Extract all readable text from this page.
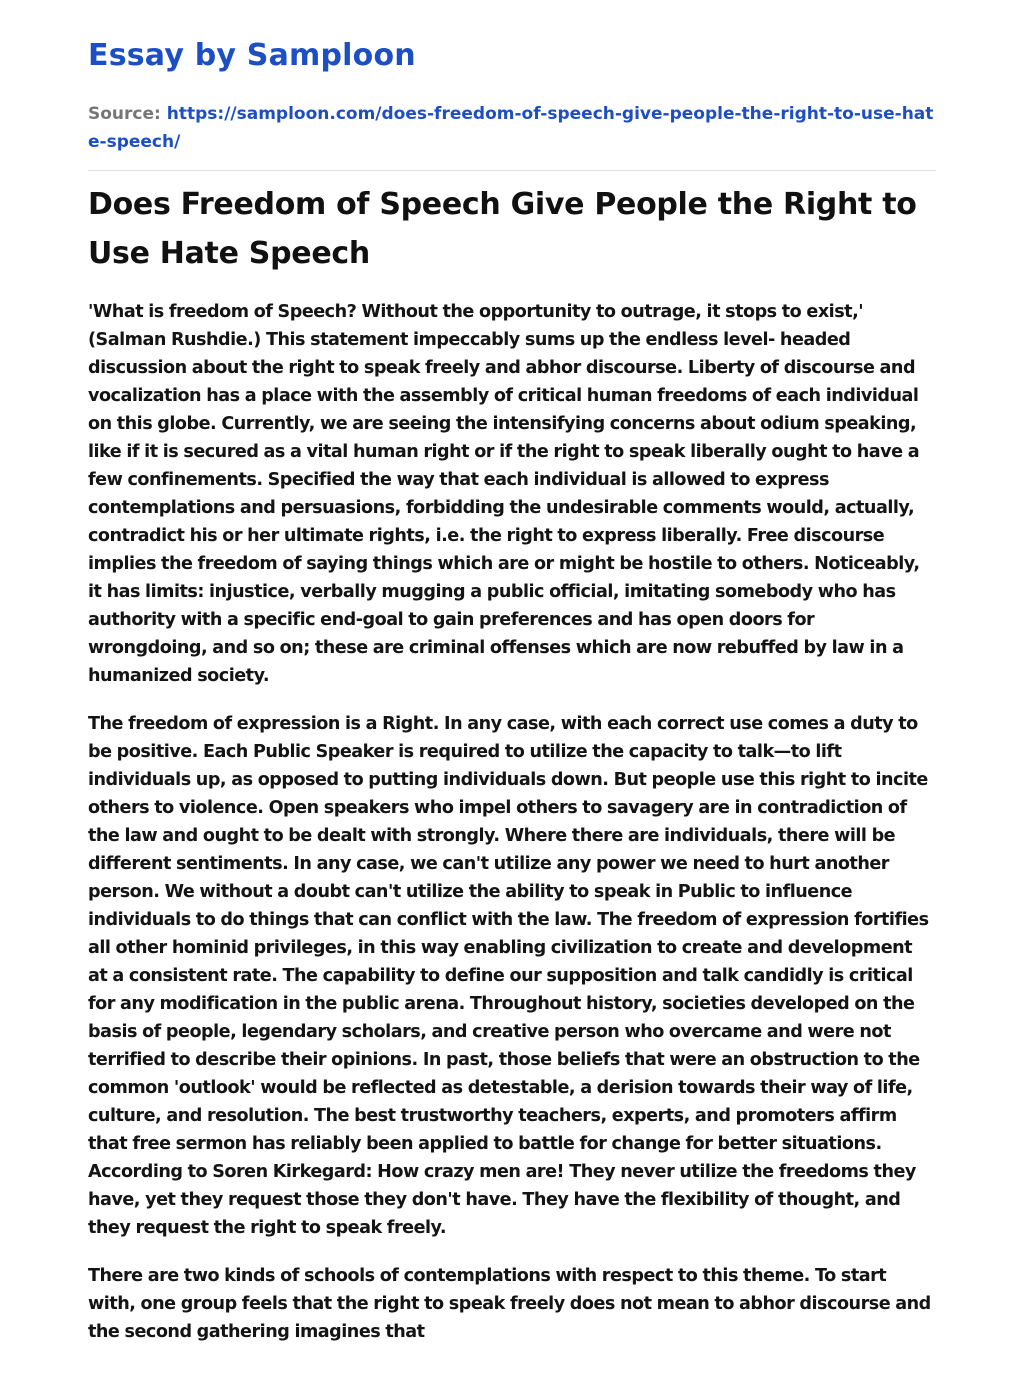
Essay by Samploon
Source: https://samploon.com/does-freedom-of-speech-give-people-the-right-to-use-hate-speech/
Does Freedom of Speech Give People the Right to Use Hate Speech

'What is freedom of Speech? Without the opportunity to outrage, it stops to exist,' (Salman Rushdie.) This statement impeccably sums up the endless level- headed discussion about the right to speak freely and abhor discourse. Liberty of discourse and vocalization has a place with the assembly of critical human freedoms of each individual on this globe. Currently, we are seeing the intensifying concerns about odium speaking, like if it is secured as a vital human right or if the right to speak liberally ought to have a few confinements. Specified the way that each individual is allowed to express contemplations and persuasions, forbidding the undesirable comments would, actually, contradict his or her ultimate rights, i.e. the right to express liberally. Free discourse implies the freedom of saying things which are or might be hostile to others. Noticeably, it has limits: injustice, verbally mugging a public official, imitating somebody who has authority with a specific end-goal to gain preferences and has open doors for wrongdoing, and so on; these are criminal offenses which are now rebuffed by law in a humanized society.

The freedom of expression is a Right. In any case, with each correct use comes a duty to be positive. Each Public Speaker is required to utilize the capacity to talk—to lift individuals up, as opposed to putting individuals down. But people use this right to incite others to violence. Open speakers who impel others to savagery are in contradiction of the law and ought to be dealt with strongly. Where there are individuals, there will be different sentiments. In any case, we can't utilize any power we need to hurt another person. We without a doubt can't utilize the ability to speak in Public to influence individuals to do things that can conflict with the law. The freedom of expression fortifies all other hominid privileges, in this way enabling civilization to create and development at a consistent rate. The capability to define our supposition and talk candidly is critical for any modification in the public arena. Throughout history, societies developed on the basis of people, legendary scholars, and creative person who overcame and were not terrified to describe their opinions. In past, those beliefs that were an obstruction to the common 'outlook' would be reflected as detestable, a derision towards their way of life, culture, and resolution. The best trustworthy teachers, experts, and promoters affirm that free sermon has reliably been applied to battle for change for better situations. According to Soren Kirkegard: How crazy men are! They never utilize the freedoms they have, yet they request those they don't have. They have the flexibility of thought, and they request the right to speak freely.

There are two kinds of schools of contemplations with respect to this theme. To start with, one group feels that the right to speak freely does not mean to abhor discourse and the second gathering imagines that
